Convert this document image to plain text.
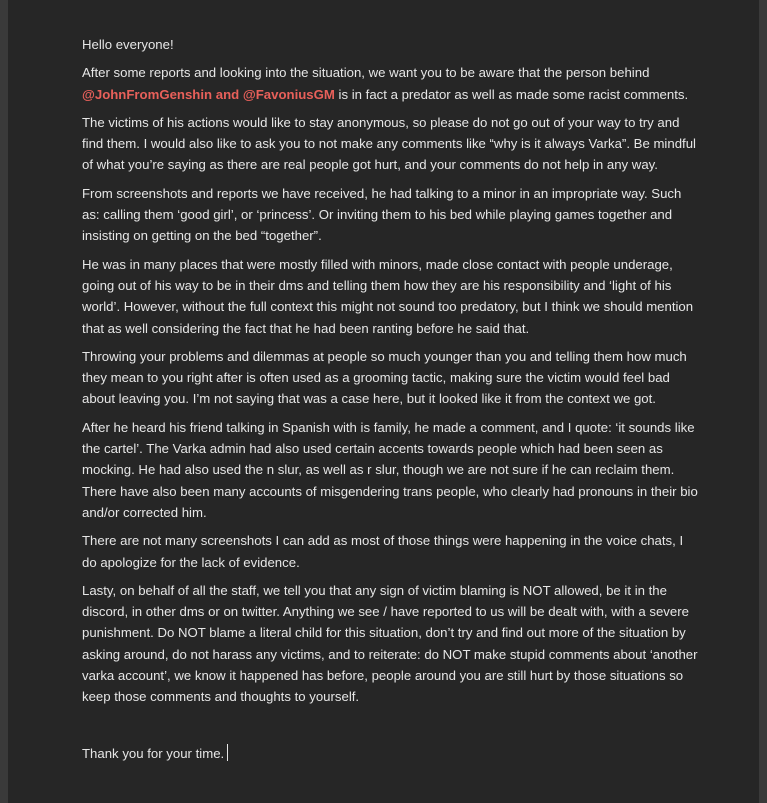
Hello everyone!

After some reports and looking into the situation, we want you to be aware that the person behind @JohnFromGenshin and @FavoniusGM is in fact a predator as well as made some racist comments.

The victims of his actions would like to stay anonymous, so please do not go out of your way to try and find them. I would also like to ask you to not make any comments like “why is it always Varka”. Be mindful of what you’re saying as there are real people got hurt, and your comments do not help in any way.

From screenshots and reports we have received, he had talking to a minor in an impropriate way. Such as: calling them ‘good girl’, or ‘princess’. Or inviting them to his bed while playing games together and insisting on getting on the bed “together”.

He was in many places that were mostly filled with minors, made close contact with people underage, going out of his way to be in their dms and telling them how they are his responsibility and ‘light of his world’. However, without the full context this might not sound too predatory, but I think we should mention that as well considering the fact that he had been ranting before he said that.

Throwing your problems and dilemmas at people so much younger than you and telling them how much they mean to you right after is often used as a grooming tactic, making sure the victim would feel bad about leaving you. I’m not saying that was a case here, but it looked like it from the context we got.

After he heard his friend talking in Spanish with is family, he made a comment, and I quote: ‘it sounds like the cartel’. The Varka admin had also used certain accents towards people which had been seen as mocking. He had also used the n slur, as well as r slur, though we are not sure if he can reclaim them. There have also been many accounts of misgendering trans people, who clearly had pronouns in their bio and/or corrected him.

There are not many screenshots I can add as most of those things were happening in the voice chats, I do apologize for the lack of evidence.

Lasty, on behalf of all the staff, we tell you that any sign of victim blaming is NOT allowed, be it in the discord, in other dms or on twitter. Anything we see / have reported to us will be dealt with, with a severe punishment. Do NOT blame a literal child for this situation, don’t try and find out more of the situation by asking around, do not harass any victims, and to reiterate: do NOT make stupid comments about ‘another varka account’, we know it happened has before, people around you are still hurt by those situations so keep those comments and thoughts to yourself.

Thank you for your time.
